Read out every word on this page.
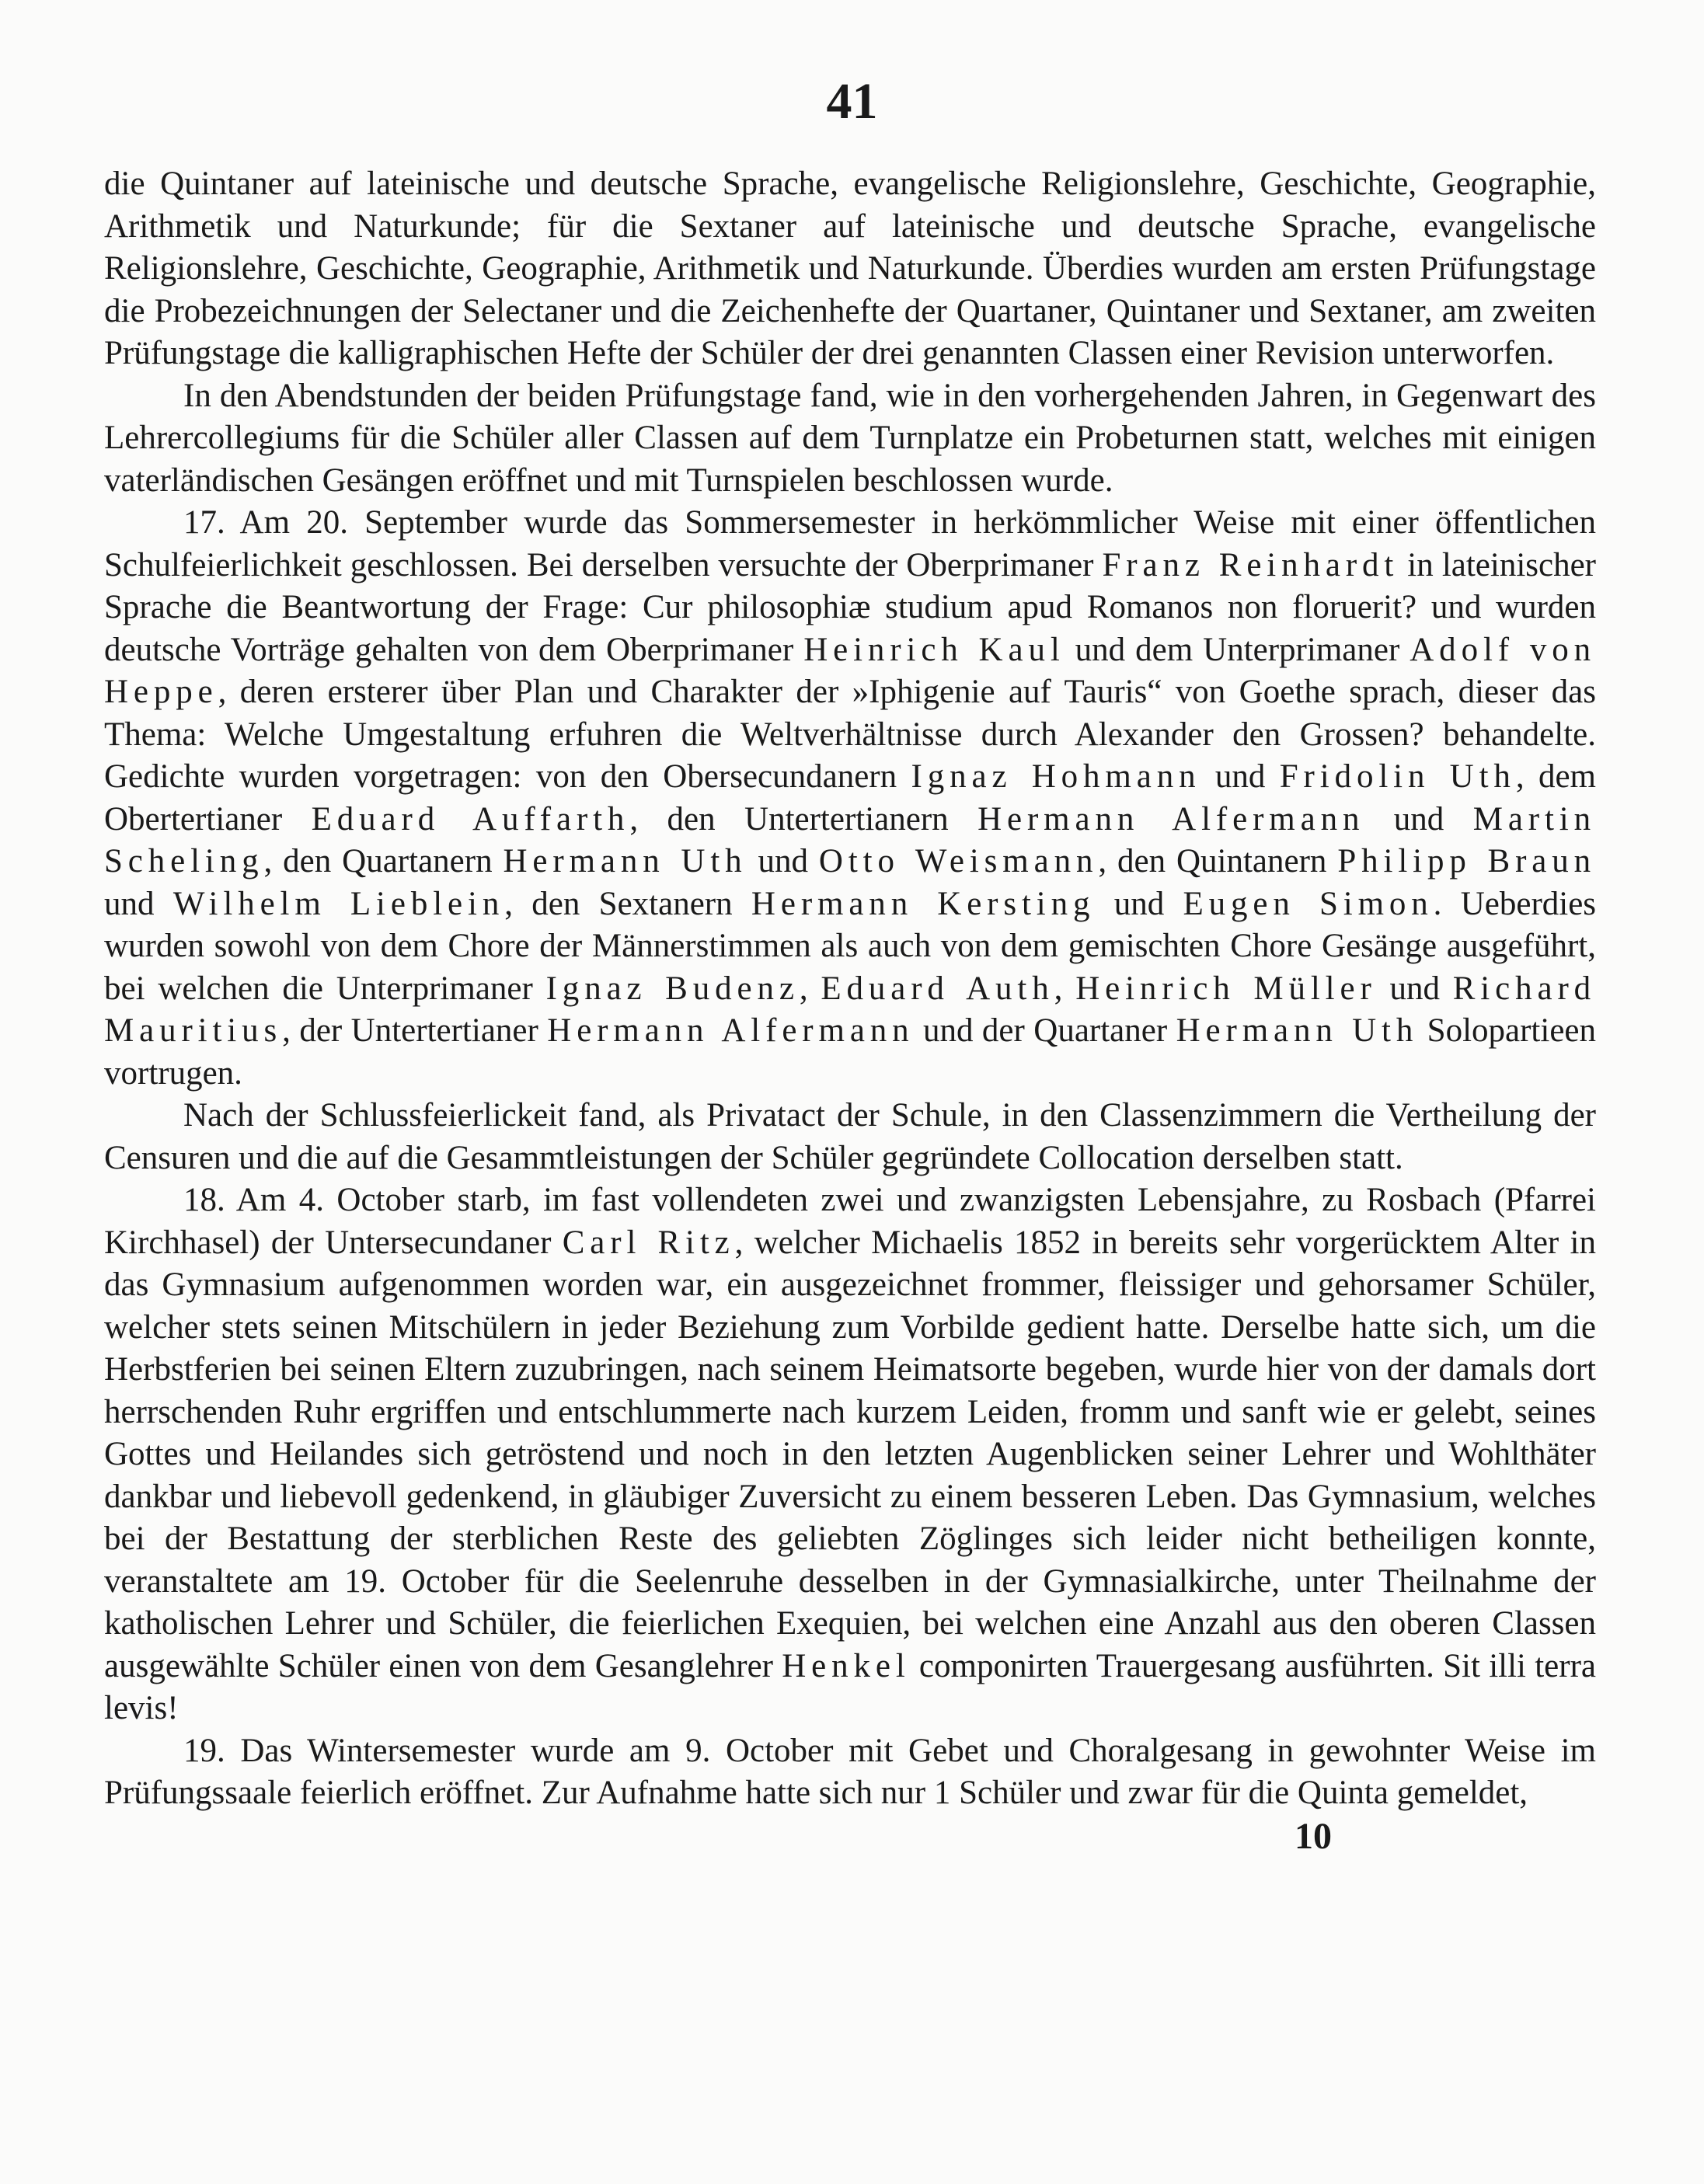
41

die Quintaner auf lateinische und deutsche Sprache, evangelische Religionslehre, Geschichte, Geographie, Arithmetik und Naturkunde; für die Sextaner auf lateinische und deutsche Sprache, evangelische Religionslehre, Geschichte, Geographie, Arithmetik und Naturkunde. Überdies wurden am ersten Prüfungstage die Probezeichnungen der Selectaner und die Zeichenhefte der Quartaner, Quintaner und Sextaner, am zweiten Prüfungstage die kalligraphischen Hefte der Schüler der drei genannten Classen einer Revision unterworfen.

In den Abendstunden der beiden Prüfungstage fand, wie in den vorhergehenden Jahren, in Gegenwart des Lehrercollegiums für die Schüler aller Classen auf dem Turnplatze ein Probeturnen statt, welches mit einigen vaterländischen Gesängen eröffnet und mit Turnspielen beschlossen wurde.

17. Am 20. September wurde das Sommersemester in herkömmlicher Weise mit einer öffentlichen Schulfeierlichkeit geschlossen. Bei derselben versuchte der Oberprimaner Franz Reinhardt in lateinischer Sprache die Beantwortung der Frage: Cur philosophiæ studium apud Romanos non floruerit? und wurden deutsche Vorträge gehalten von dem Oberprimaner Heinrich Kaul und dem Unterprimaner Adolf von Heppe, deren ersterer über Plan und Charakter der »Iphigenie auf Tauris“ von Goethe sprach, dieser das Thema: Welche Umgestaltung erfuhren die Weltverhältnisse durch Alexander den Grossen? behandelte. Gedichte wurden vorgetragen: von den Obersecundanern Ignaz Hohmann und Fridolin Uth, dem Obertertianer Eduard Auffarth, den Untertertianern Hermann Alfermann und Martin Scheling, den Quartanern Hermann Uth und Otto Weismann, den Quintanern Philipp Braun und Wilhelm Lieblein, den Sextanern Hermann Kersting und Eugen Simon. Ueberdies wurden sowohl von dem Chore der Männerstimmen als auch von dem gemischten Chore Gesänge ausgeführt, bei welchen die Unterprimaner Ignaz Budenz, Eduard Auth, Heinrich Müller und Richard Mauritius, der Untertertianer Hermann Alfermann und der Quartaner Hermann Uth Solopartieen vortrugen.

Nach der Schlussfeierlickeit fand, als Privatact der Schule, in den Classenzimmern die Vertheilung der Censuren und die auf die Gesammtleistungen der Schüler gegründete Collocation derselben statt.

18. Am 4. October starb, im fast vollendeten zwei und zwanzigsten Lebensjahre, zu Rosbach (Pfarrei Kirchhasel) der Untersecundaner Carl Ritz, welcher Michaelis 1852 in bereits sehr vorgerücktem Alter in das Gymnasium aufgenommen worden war, ein ausgezeichnet frommer, fleissiger und gehorsamer Schüler, welcher stets seinen Mitschülern in jeder Beziehung zum Vorbilde gedient hatte. Derselbe hatte sich, um die Herbstferien bei seinen Eltern zuzubringen, nach seinem Heimatsorte begeben, wurde hier von der damals dort herrschenden Ruhr ergriffen und entschlummerte nach kurzem Leiden, fromm und sanft wie er gelebt, seines Gottes und Heilandes sich getröstend und noch in den letzten Augenblicken seiner Lehrer und Wohlthäter dankbar und liebevoll gedenkend, in gläubiger Zuversicht zu einem besseren Leben. Das Gymnasium, welches bei der Bestattung der sterblichen Reste des geliebten Zöglinges sich leider nicht betheiligen konnte, veranstaltete am 19. October für die Seelenruhe desselben in der Gymnasialkirche, unter Theilnahme der katholischen Lehrer und Schüler, die feierlichen Exequien, bei welchen eine Anzahl aus den oberen Classen ausgewählte Schüler einen von dem Gesanglehrer Henkel componirten Trauergesang ausführten. Sit illi terra levis!

19. Das Wintersemester wurde am 9. October mit Gebet und Choralgesang in gewohnter Weise im Prüfungssaale feierlich eröffnet. Zur Aufnahme hatte sich nur 1 Schüler und zwar für die Quinta gemeldet,

10
